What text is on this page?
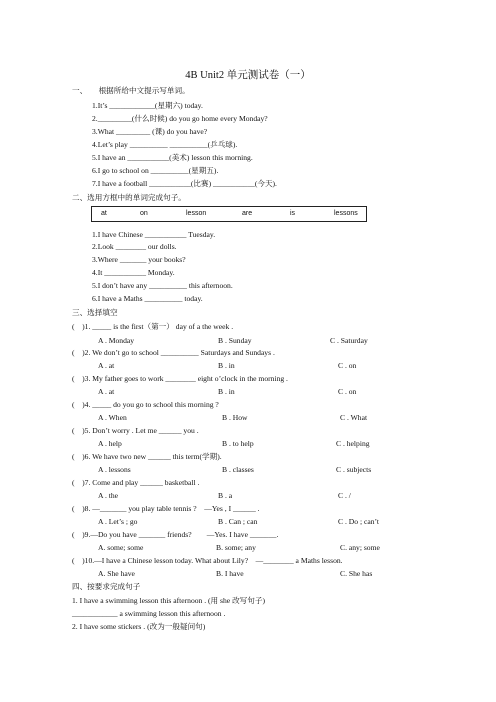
4B Unit2 单元测试卷（一）
一、　　根据所给中文提示写单词。
1.It’s ____________(星期六) today.
2._________(什么时候) do you go home every Monday?
3.What _________ (课) do you have?
4.Let’s play __________ __________(乒乓球).
5.I have an ___________(美术) lesson this morning.
6.I go to school on __________(星期五).
7.I have a football ___________(比赛) ___________(今天).
二、选用方框中的单词完成句子。
at	on	lesson	are	is	lessons
1.I have Chinese ___________ Tuesday.
2.Look ________ our dolls.
3.Where _______ your books?
4.It ___________ Monday.
5.I don’t have any __________ this afternoon.
6.I have a Maths __________ today.
三、选择填空
(　)1. _____ is the first（第一） day of a the week .
A . Monday	B . Sunday	C . Saturday
(　)2. We don’t go to school __________ Saturdays and Sundays .
A . at	B . in	C . on
(　)3. My father goes to work ________ eight o’clock in the morning .
A . at	B . in	C . on
(　)4. _____ do you go to school this morning ?
A . When	B . How	C . What
(　)5. Don’t worry . Let me ______ you .
A . help	B . to help	C . helping
(　)6. We have two new ______ this term(学期).
A . lessons	B . classes	C . subjects
(　)7. Come and play ______ basketball .
A . the	B . a	C . /
(　)8. —_______ you play table tennis ?　—Yes , I ______ .
A . Let’s ; go	B . Can ; can	C . Do ; can’t
(　)9.—Do you have _______ friends?　　—Yes. I have _______.
A. some; some	B. some; any	C. any; some
(　)10.—I have a Chinese lesson today. What about Lily?　—________ a Maths lesson.
A. She have	B. I have	C. She has
四、按要求完成句子
1. I have a swimming lesson this afternoon . (用 she 改写句子)
____________ a swimming lesson this afternoon .
2. I have some stickers . (改为一般疑问句)
